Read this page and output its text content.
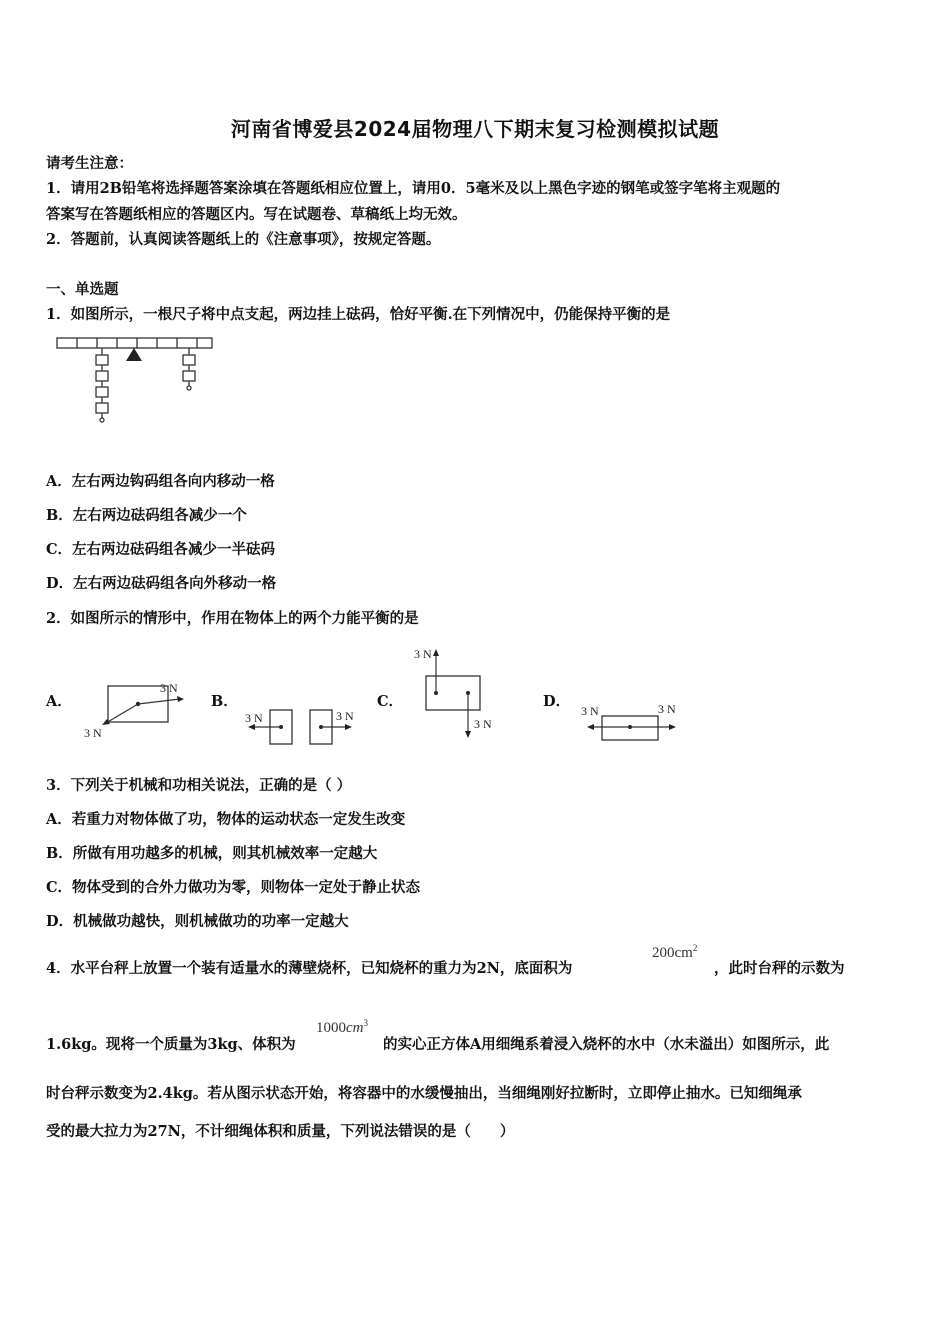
河南省博爱县2024届物理八下期末复习检测模拟试题
请考生注意：
1．请用2B铅笔将选择题答案涂填在答题纸相应位置上，请用0．5毫米及以上黑色字迹的钢笔或签字笔将主观题的
答案写在答题纸相应的答题区内。写在试题卷、草稿纸上均无效。
2．答题前，认真阅读答题纸上的《注意事项》，按规定答题。
一、单选题
1．如图所示，一根尺子将中点支起，两边挂上砝码，恰好平衡.在下列情况中，仍能保持平衡的是
A．左右两边钩码组各向内移动一格
B．左右两边砝码组各减少一个
C．左右两边砝码组各减少一半砝码
D．左右两边砝码组各向外移动一格
2．如图所示的情形中，作用在物体上的两个力能平衡的是
A．	B．	C．	D．
3 N
3 N
3 N	3 N
3 N
3 N
3 N	3 N
3．下列关于机械和功相关说法，正确的是（ ）
A．若重力对物体做了功，物体的运动状态一定发生改变
B．所做有用功越多的机械，则其机械效率一定越大
C．物体受到的合外力做功为零，则物体一定处于静止状态
D．机械做功越快，则机械做功的功率一定越大
4．水平台秤上放置一个装有适量水的薄壁烧杯，已知烧杯的重力为2N，底面积为
$200cm^2$
，此时台秤的示数为
1.6kg。现将一个质量为3kg、体积为
$1000cm^3$
的实心正方体A用细绳系着浸入烧杯的水中（水未溢出）如图所示，此
时台秤示数变为2.4kg。若从图示状态开始，将容器中的水缓慢抽出，当细绳刚好拉断时，立即停止抽水。已知细绳承
受的最大拉力为27N，不计细绳体积和质量，下列说法错误的是（　　）
